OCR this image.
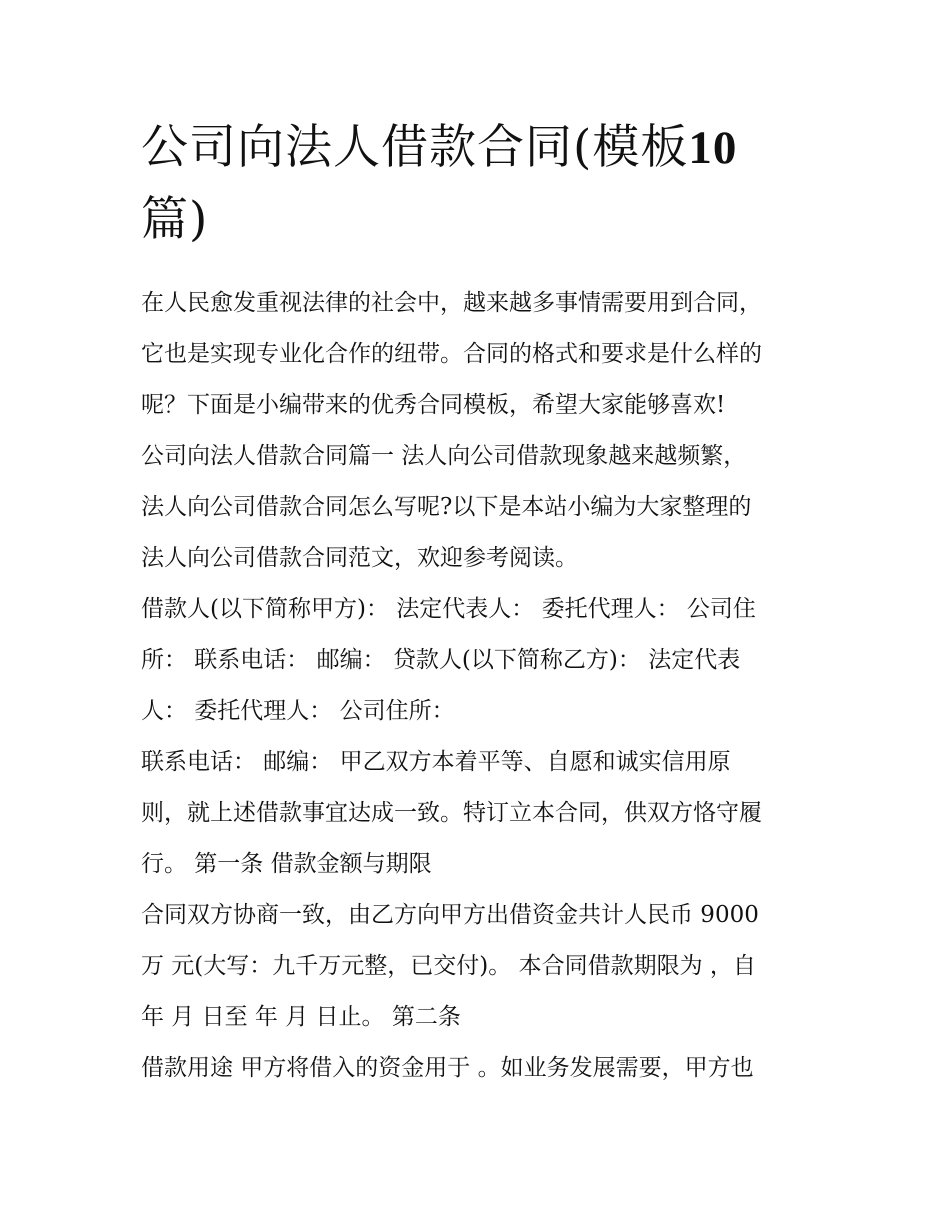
公司向法人借款合同(模板10
篇)
在人民愈发重视法律的社会中，越来越多事情需要用到合同，
它也是实现专业化合作的纽带。合同的格式和要求是什么样的
呢？下面是小编带来的优秀合同模板，希望大家能够喜欢!
公司向法人借款合同篇一 法人向公司借款现象越来越频繁，
法人向公司借款合同怎么写呢?以下是本站小编为大家整理的
法人向公司借款合同范文，欢迎参考阅读。
借款人(以下简称甲方)： 法定代表人： 委托代理人： 公司住
所： 联系电话： 邮编： 贷款人(以下简称乙方)： 法定代表
人： 委托代理人： 公司住所：
联系电话： 邮编： 甲乙双方本着平等、自愿和诚实信用原
则，就上述借款事宜达成一致。特订立本合同，供双方恪守履
行。 第一条 借款金额与期限
合同双方协商一致，由乙方向甲方出借资金共计人民币 9000
万 元(大写：九千万元整，已交付)。 本合同借款期限为 ，自
年 月 日至 年 月 日止。 第二条
借款用途 甲方将借入的资金用于 。如业务发展需要，甲方也
